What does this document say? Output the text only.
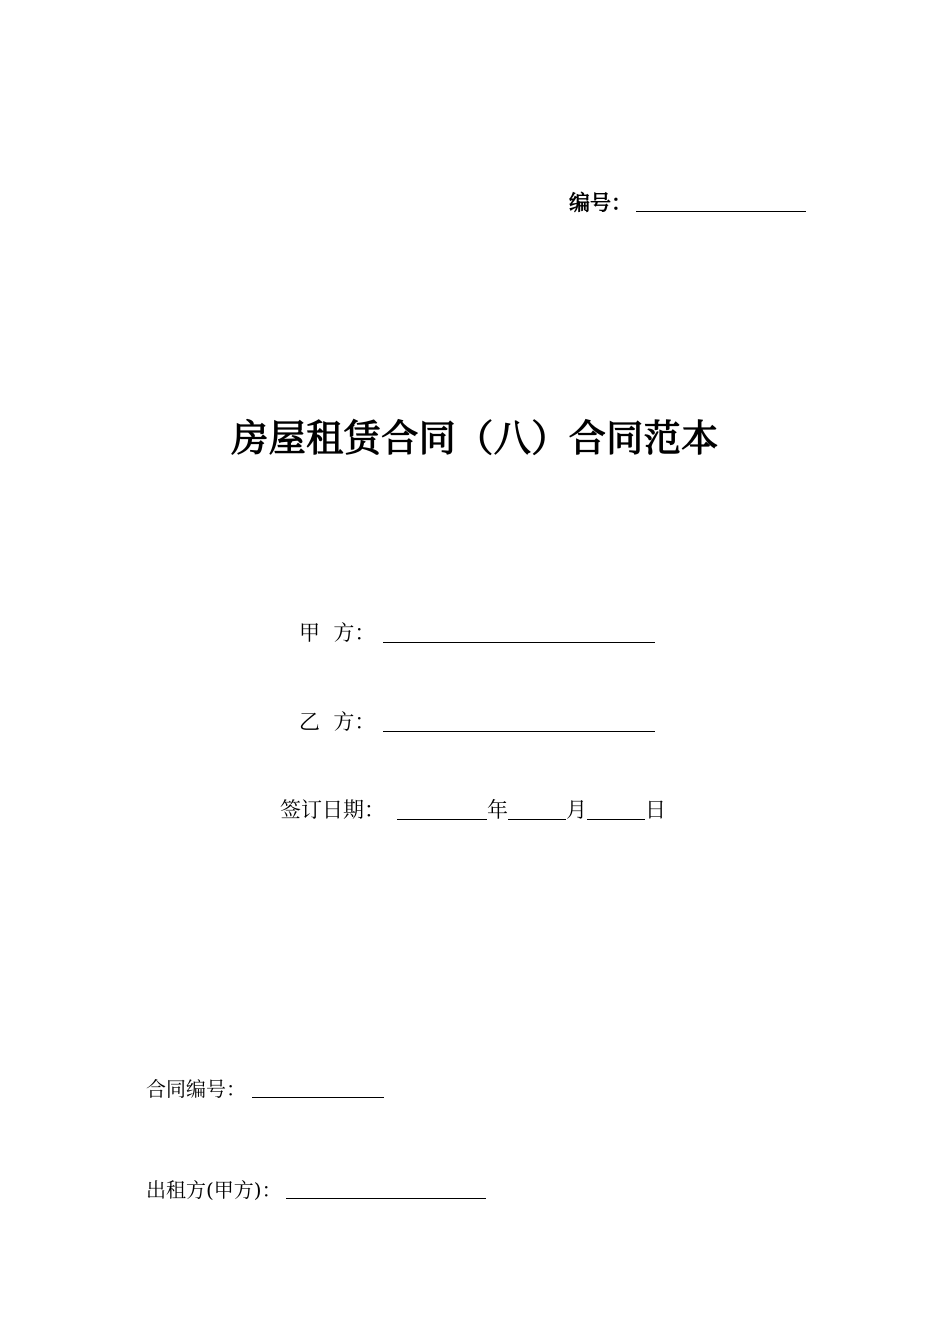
编号：
房屋租赁合同（八）合同范本
甲  方：
乙  方：
签订日期：	年	月	日
合同编号：
出租方(甲方)：
